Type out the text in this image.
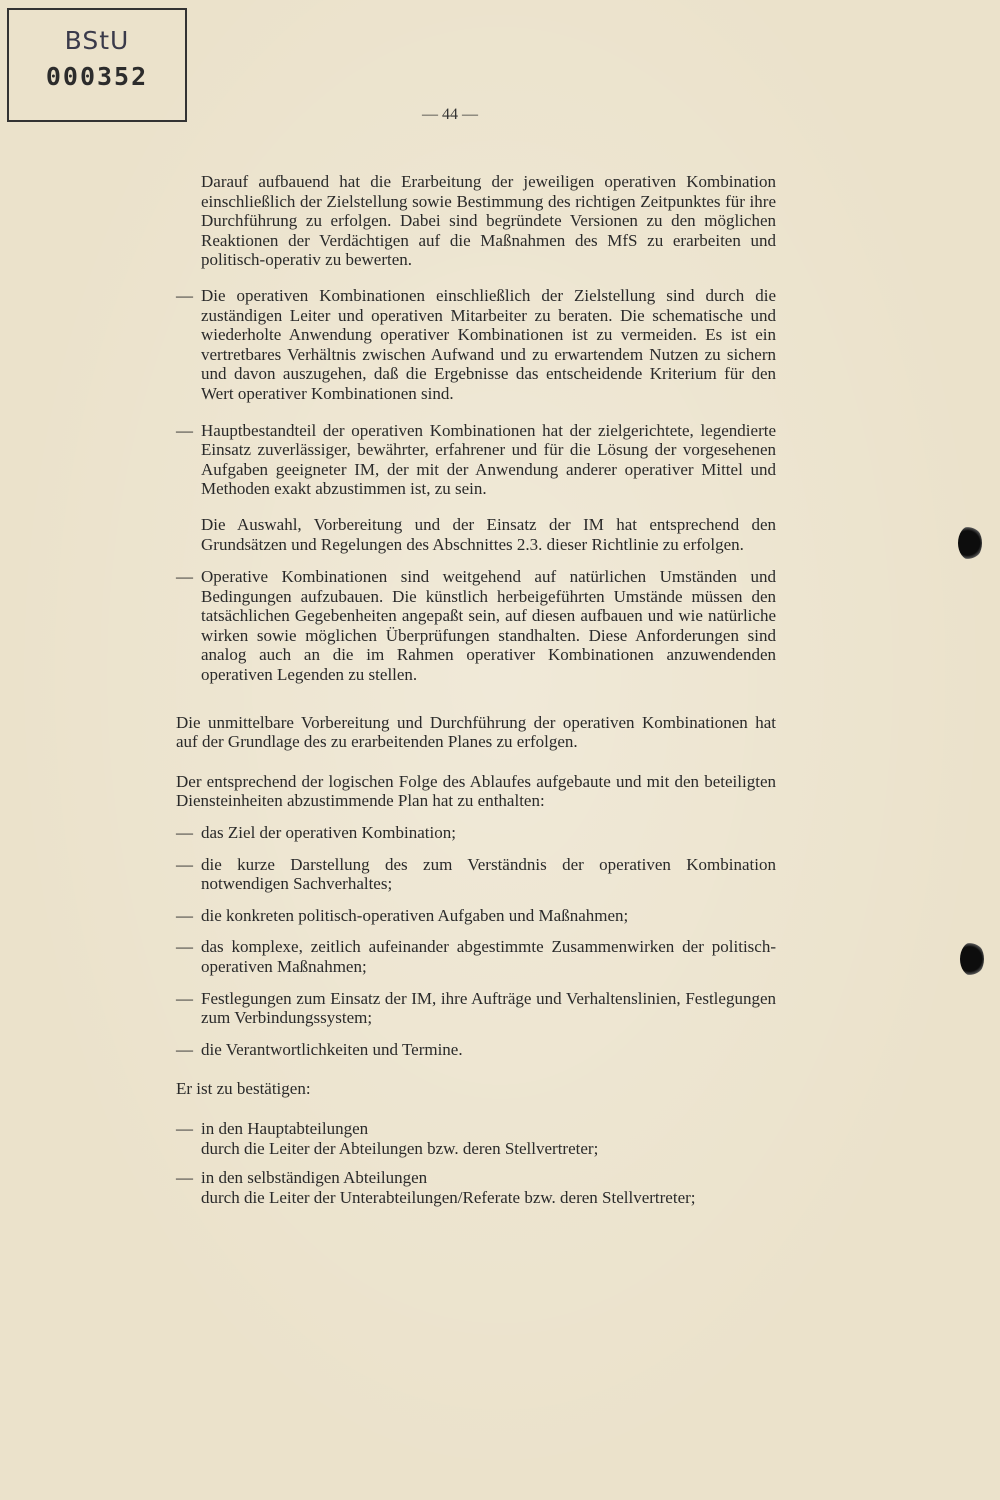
BStU
000352
— 44 —

Darauf aufbauend hat die Erarbeitung der jeweiligen operativen Kombination einschließlich der Zielstellung sowie Bestimmung des richtigen Zeitpunktes für ihre Durchführung zu erfolgen. Dabei sind begründete Versionen zu den möglichen Reaktionen der Verdächtigen auf die Maßnahmen des MfS zu erarbeiten und politisch-operativ zu bewerten.

— Die operativen Kombinationen einschließlich der Zielstellung sind durch die zuständigen Leiter und operativen Mitarbeiter zu beraten. Die schematische und wiederholte Anwendung operativer Kombinationen ist zu vermeiden. Es ist ein vertretbares Verhältnis zwischen Aufwand und zu erwartendem Nutzen zu sichern und davon auszugehen, daß die Ergebnisse das entscheidende Kriterium für den Wert operativer Kombinationen sind.

— Hauptbestandteil der operativen Kombinationen hat der zielgerichtete, legendierte Einsatz zuverlässiger, bewährter, erfahrener und für die Lösung der vorgesehenen Aufgaben geeigneter IM, der mit der Anwendung anderer operativer Mittel und Methoden exakt abzustimmen ist, zu sein.

Die Auswahl, Vorbereitung und der Einsatz der IM hat entsprechend den Grundsätzen und Regelungen des Abschnittes 2.3. dieser Richtlinie zu erfolgen.

— Operative Kombinationen sind weitgehend auf natürlichen Umständen und Bedingungen aufzubauen. Die künstlich herbeigeführten Umstände müssen den tatsächlichen Gegebenheiten angepaßt sein, auf diesen aufbauen und wie natürliche wirken sowie möglichen Überprüfungen standhalten. Diese Anforderungen sind analog auch an die im Rahmen operativer Kombinationen anzuwendenden operativen Legenden zu stellen.

Die unmittelbare Vorbereitung und Durchführung der operativen Kombinationen hat auf der Grundlage des zu erarbeitenden Planes zu erfolgen.

Der entsprechend der logischen Folge des Ablaufes aufgebaute und mit den beteiligten Diensteinheiten abzustimmende Plan hat zu enthalten:

— das Ziel der operativen Kombination;

— die kurze Darstellung des zum Verständnis der operativen Kombination notwendigen Sachverhaltes;

— die konkreten politisch-operativen Aufgaben und Maßnahmen;

— das komplexe, zeitlich aufeinander abgestimmte Zusammenwirken der politisch-operativen Maßnahmen;

— Festlegungen zum Einsatz der IM, ihre Aufträge und Verhaltenslinien, Festlegungen zum Verbindungssystem;

— die Verantwortlichkeiten und Termine.

Er ist zu bestätigen:

— in den Hauptabteilungen

durch die Leiter der Abteilungen bzw. deren Stellvertreter;

— in den selbständigen Abteilungen

durch die Leiter der Unterabteilungen/Referate bzw. deren Stellvertreter;
